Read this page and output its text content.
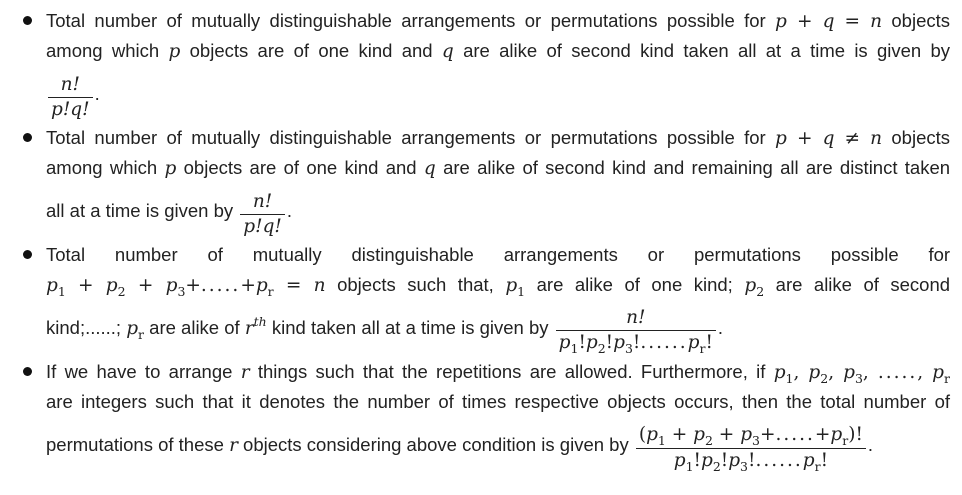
Total number of mutually distinguishable arrangements or permutations possible for p + q = n objects
among which p objects are of one kind and q are alike of second kind taken all at a time is given by
$\frac{n!}{p!q!}$ .
Total number of mutually distinguishable arrangements or permutations possible for p + q ≠ n objects
among which p objects are of one kind and q are alike of second kind and remaining all are distinct taken
all at a time is given by $\frac{n!}{p!q!}$ .
Total number of mutually distinguishable arrangements or permutations possible for
$p_1 + p_2 + p_3+.....+p_r = n$ objects such that, $p_1$ are alike of one kind; $p_2$ are alike of second
kind;......; $p_r$ are alike of $r^{th}$ kind taken all at a time is given by $\frac{n!}{p_1!p_2!p_3!......p_r!}$ .
If we have to arrange r things such that the repetitions are allowed. Furthermore, if $p_1$, $p_2$, $p_3$, ....., $p_r$
are integers such that it denotes the number of times respective objects occurs, then the total number of
permutations of these r objects considering above condition is given by $\frac{(p_1 + p_2 + p_3+.....+p_r)!}{p_1!p_2!p_3!......p_r!}$ .
